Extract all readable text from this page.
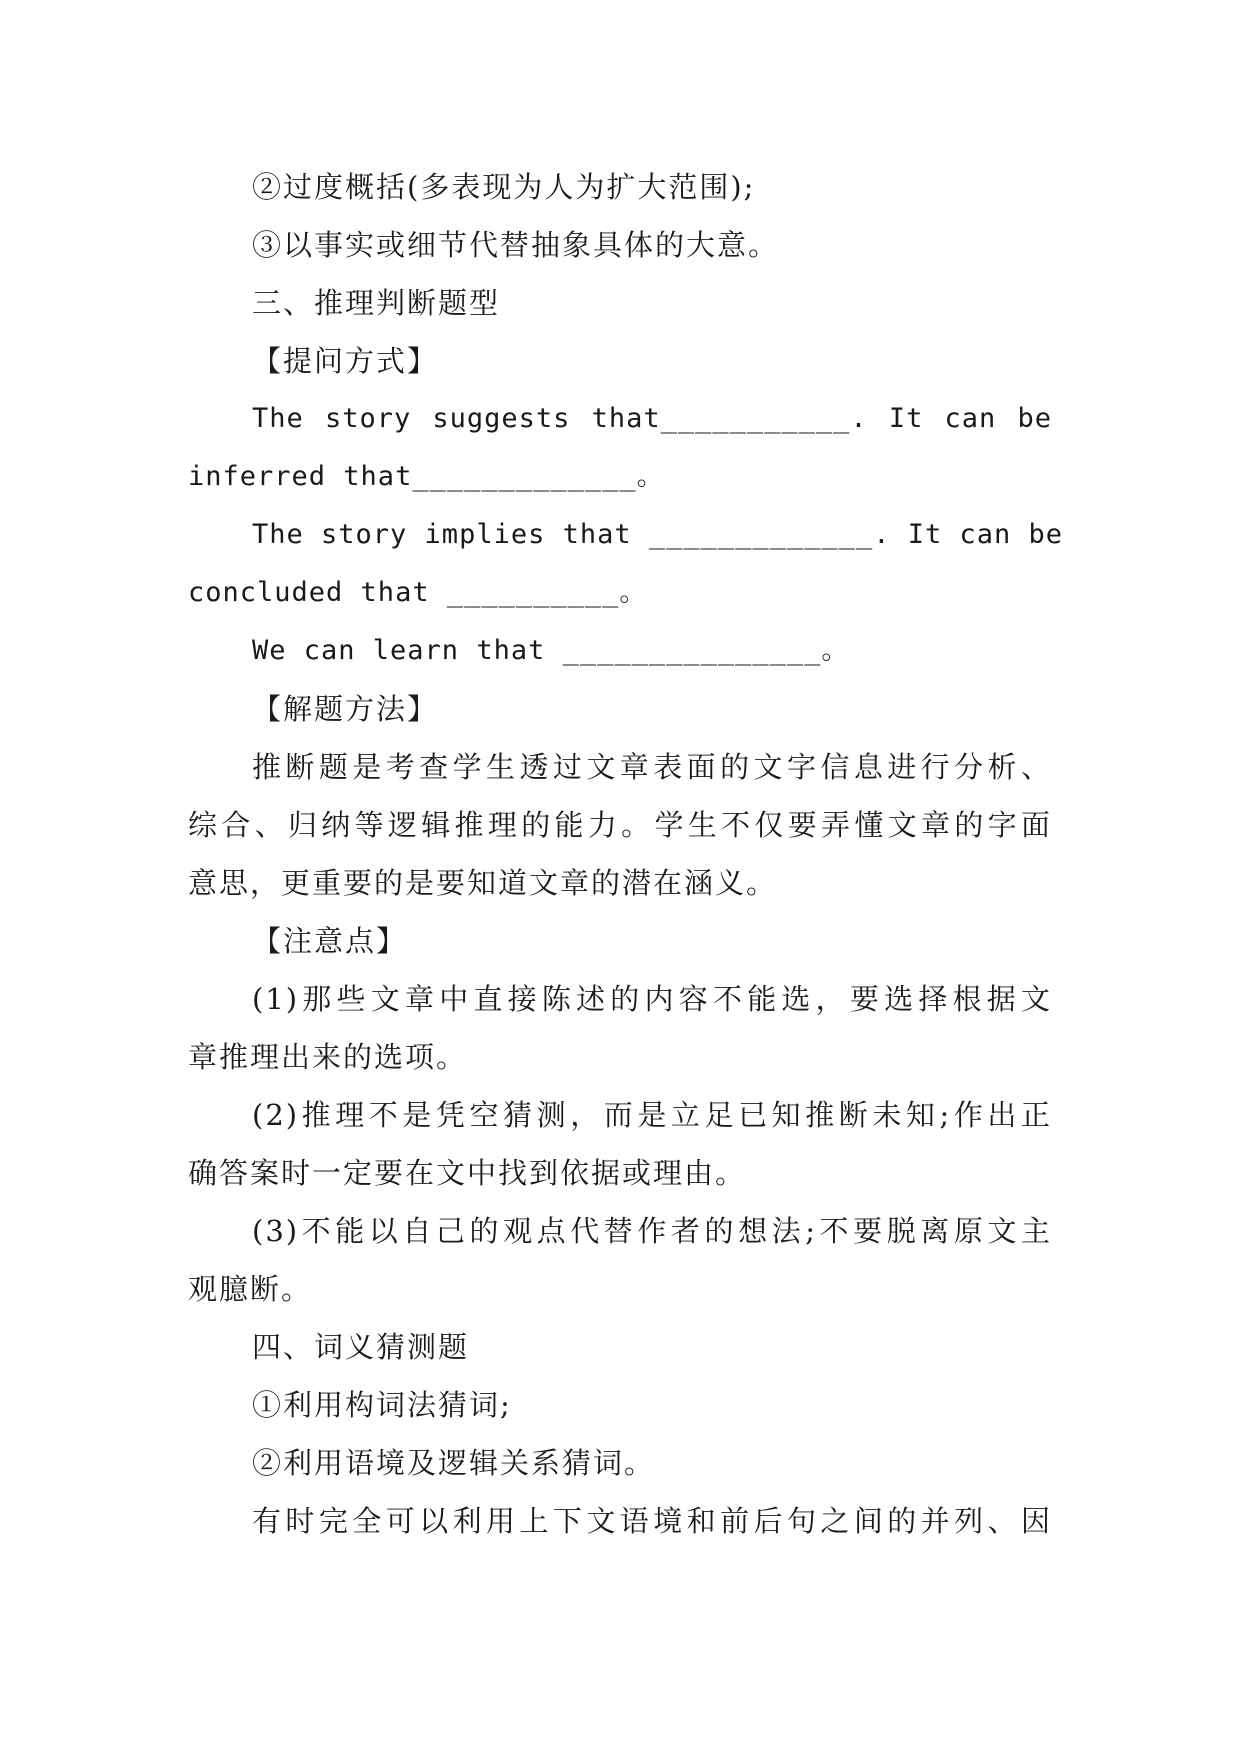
②过度概括(多表现为人为扩大范围);
③以事实或细节代替抽象具体的大意。
三、推理判断题型
【提问方式】
The story suggests that___________. It can be
inferred that_____________。
The story implies that _____________. It can be
concluded that __________。
We can learn that _______________。
【解题方法】
推断题是考查学生透过文章表面的文字信息进行分析、
综合、归纳等逻辑推理的能力。学生不仅要弄懂文章的字面
意思，更重要的是要知道文章的潜在涵义。
【注意点】
(1)那些文章中直接陈述的内容不能选，要选择根据文
章推理出来的选项。
(2)推理不是凭空猜测，而是立足已知推断未知;作出正
确答案时一定要在文中找到依据或理由。
(3)不能以自己的观点代替作者的想法;不要脱离原文主
观臆断。
四、词义猜测题
①利用构词法猜词;
②利用语境及逻辑关系猜词。
有时完全可以利用上下文语境和前后句之间的并列、因
